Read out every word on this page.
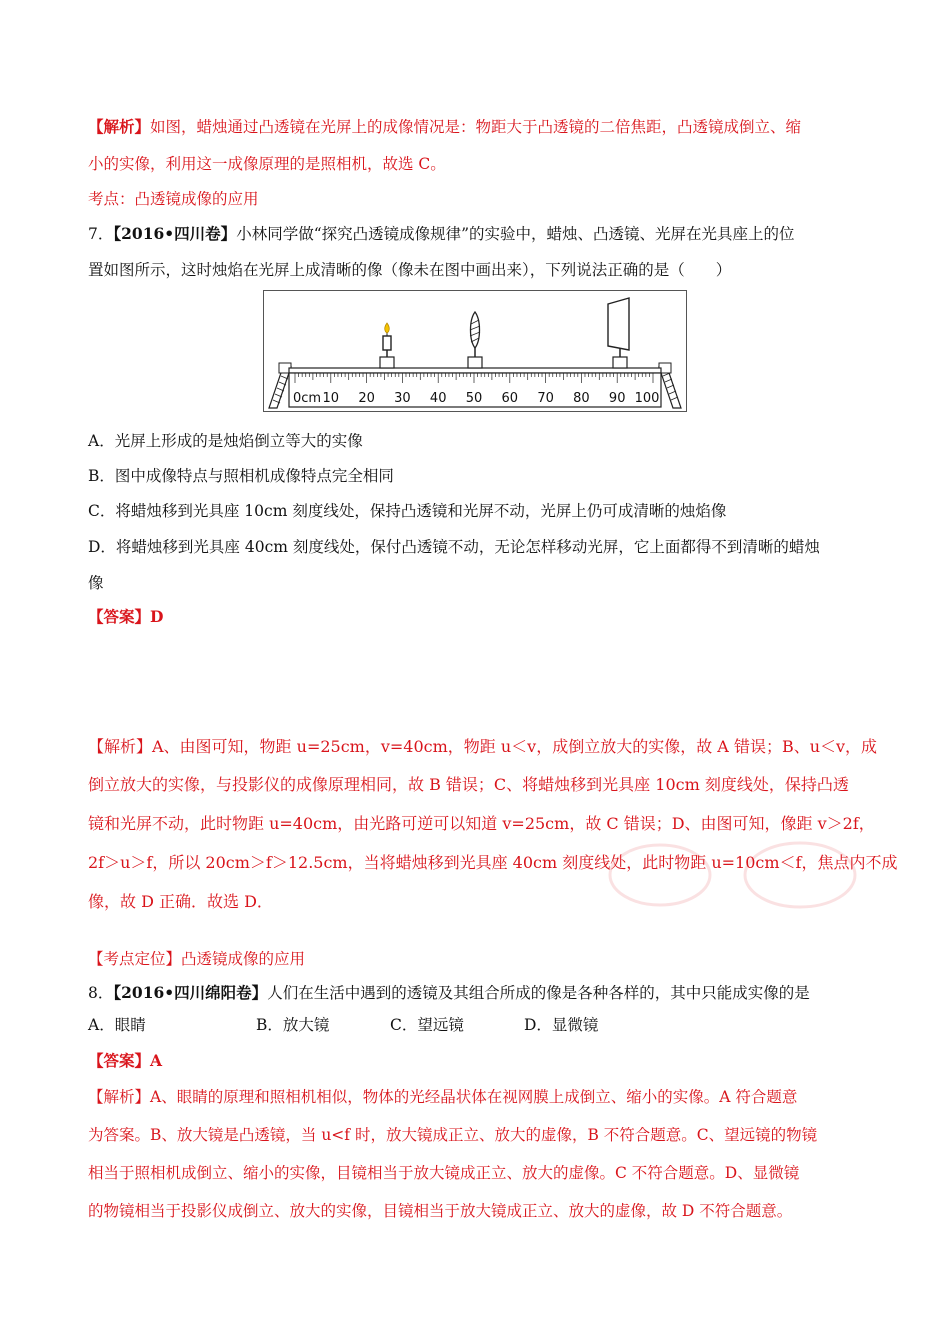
【解析】如图，蜡烛通过凸透镜在光屏上的成像情况是：物距大于凸透镜的二倍焦距，凸透镜成倒立、缩
小的实像，利用这一成像原理的是照相机，故选 C。
考点：凸透镜成像的应用
7．【2016•四川卷】小林同学做“探究凸透镜成像规律”的实验中，蜡烛、凸透镜、光屏在光具座上的位
置如图所示，这时烛焰在光屏上成清晰的像（像未在图中画出来），下列说法正确的是（　　）
0cm 10 20 30 40 50 60 70 80 90 100
A．光屏上形成的是烛焰倒立等大的实像
B．图中成像特点与照相机成像特点完全相同
C．将蜡烛移到光具座 10cm 刻度线处，保持凸透镜和光屏不动，光屏上仍可成清晰的烛焰像
D．将蜡烛移到光具座 40cm 刻度线处，保付凸透镜不动，无论怎样移动光屏，它上面都得不到清晰的蜡烛
像
【答案】D
【解析】A、由图可知，物距 u=25cm，v=40cm，物距 u＜v，成倒立放大的实像，故 A 错误；B、u＜v，成
倒立放大的实像，与投影仪的成像原理相同，故 B 错误；C、将蜡烛移到光具座 10cm 刻度线处，保持凸透
镜和光屏不动，此时物距 u=40cm，由光路可逆可以知道 v=25cm，故 C 错误；D、由图可知，像距 v＞2f，
2f＞u＞f，所以 20cm＞f＞12.5cm，当将蜡烛移到光具座 40cm 刻度线处，此时物距 u=10cm＜f，焦点内不成
像，故 D 正确．故选 D．
【考点定位】凸透镜成像的应用
8．【2016•四川绵阳卷】人们在生活中遇到的透镜及其组合所成的像是各种各样的，其中只能成实像的是
A．眼睛	B．放大镜	C．望远镜	D．显微镜
【答案】A
【解析】A、眼睛的原理和照相机相似，物体的光经晶状体在视网膜上成倒立、缩小的实像。A 符合题意
为答案。B、放大镜是凸透镜，当 u<f 时，放大镜成正立、放大的虚像，B 不符合题意。C、望远镜的物镜
相当于照相机成倒立、缩小的实像，目镜相当于放大镜成正立、放大的虚像。C 不符合题意。D、显微镜
的物镜相当于投影仪成倒立、放大的实像，目镜相当于放大镜成正立、放大的虚像，故 D 不符合题意。
